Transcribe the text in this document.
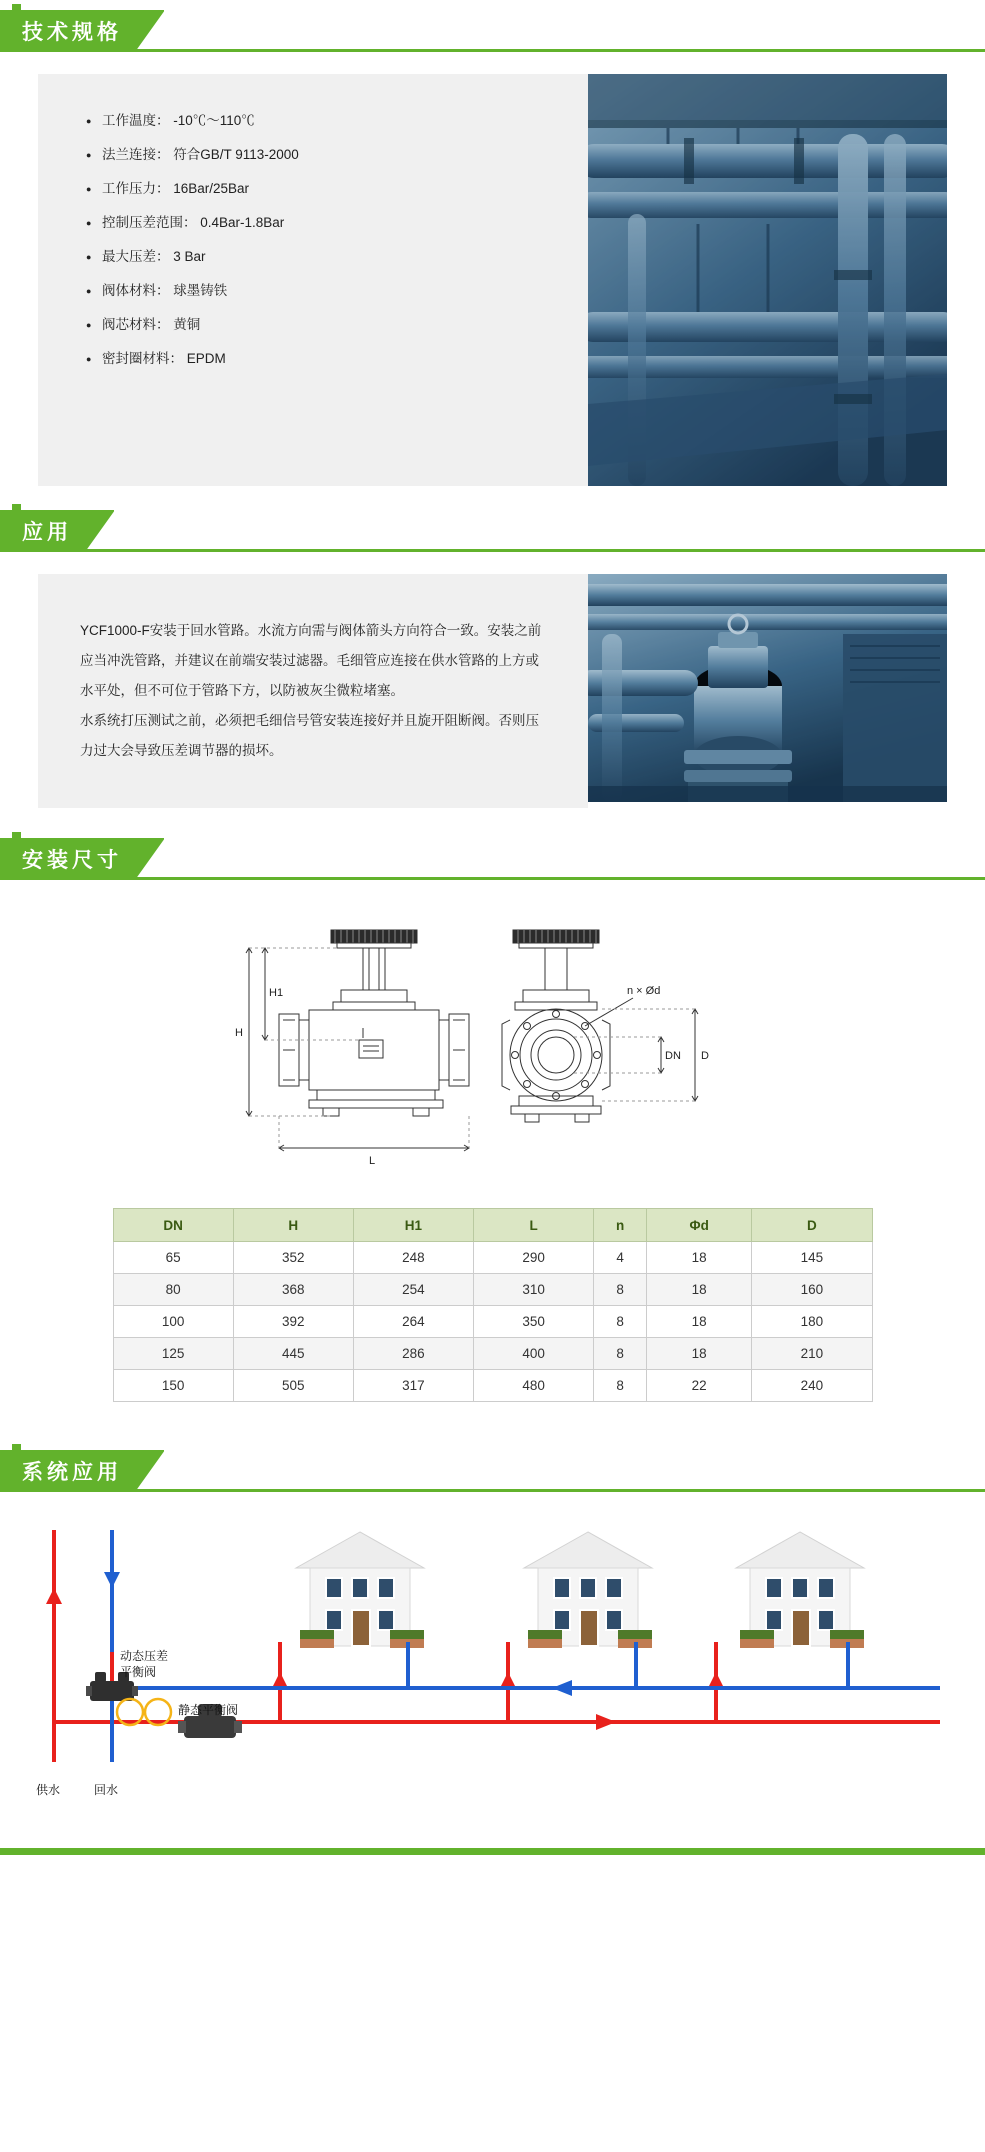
技术规格
● 工作温度： -10℃～110℃
● 法兰连接： 符合GB/T 9113-2000
● 工作压力： 16Bar/25Bar
● 控制压差范围： 0.4Bar-1.8Bar
● 最大压差： 3 Bar
● 阀体材料： 球墨铸铁
● 阀芯材料： 黄铜
● 密封圈材料： EPDM
应用

YCF1000-F安装于回水管路。水流方向需与阀体箭头方向符合一致。安装之前应当冲洗管路，并建议在前端安装过滤器。毛细管应连接在供水管路的上方或水平处，但不可位于管路下方，以防被灰尘微粒堵塞。

水系统打压测试之前，必须把毛细信号管安装连接好并且旋开阻断阀。否则压力过大会导致压差调节器的损坏。

安装尺寸
H1
H
L
n × Ød
DN D
DN	H	H1	L	n	Φd	D
65	352	248	290	4	18	145
80	368	254	310	8	18	160
100	392	264	350	8	18	180
125	445	286	400	8	18	210
150	505	317	480	8	22	240
系统应用
动态压差
平衡阀
静态平衡阀
供水	回水
